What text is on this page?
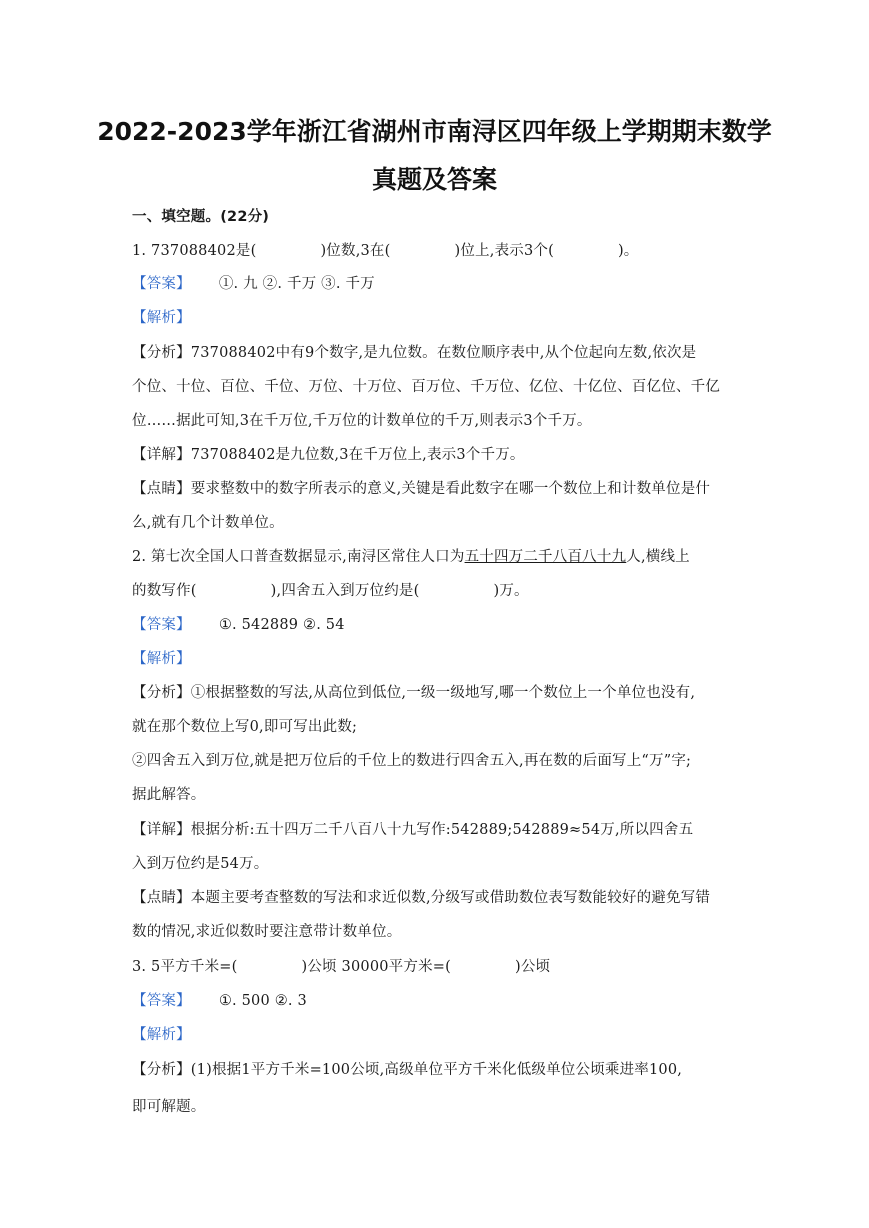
2022-2023学年浙江省湖州市南浔区四年级上学期期末数学
真题及答案
一、填空题。(22分)
1. 737088402是(	)位数,3在(	)位上,表示3个(	)。
【答案】 ①. 九 ②. 千万 ③. 千万
【解析】
【分析】737088402中有9个数字,是九位数。在数位顺序表中,从个位起向左数,依次是
个位、十位、百位、千位、万位、十万位、百万位、千万位、亿位、十亿位、百亿位、千亿
位……据此可知,3在千万位,千万位的计数单位的千万,则表示3个千万。
【详解】737088402是九位数,3在千万位上,表示3个千万。
【点睛】要求整数中的数字所表示的意义,关键是看此数字在哪一个数位上和计数单位是什
么,就有几个计数单位。
2. 第七次全国人口普查数据显示,南浔区常住人口为五十四万二千八百八十九人,横线上
的数写作(	),四舍五入到万位约是(	)万。
【答案】 ①. 542889 ②. 54
【解析】
【分析】①根据整数的写法,从高位到低位,一级一级地写,哪一个数位上一个单位也没有,
就在那个数位上写0,即可写出此数;
②四舍五入到万位,就是把万位后的千位上的数进行四舍五入,再在数的后面写上“万”字;
据此解答。
【详解】根据分析:五十四万二千八百八十九写作:542889;542889≈54万,所以四舍五
入到万位约是54万。
【点睛】本题主要考查整数的写法和求近似数,分级写或借助数位表写数能较好的避免写错
数的情况,求近似数时要注意带计数单位。
3. 5平方千米=(	)公顷 30000平方米=(	)公顷
【答案】 ①. 500 ②. 3
【解析】
【分析】(1)根据1平方千米=100公顷,高级单位平方千米化低级单位公顷乘进率100,
即可解题。
